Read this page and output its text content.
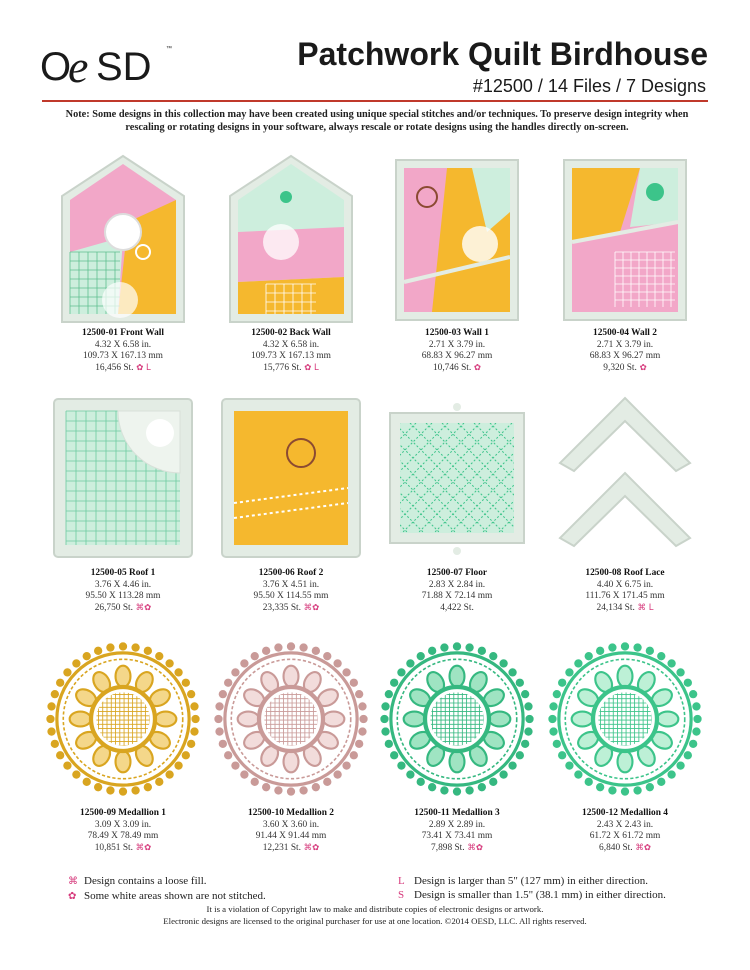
O
e SD ™	Patchwork Quilt Birdhouse
#12500 / 14 Files / 7 Designs
Note: Some designs in this collection may have been created using unique special stitches and/or techniques. To preserve design integrity when rescaling or rotating designs in your software, always rescale or rotate designs using the handles directly on-screen.
12500-01 Front Wall
4.32 X 6.58 in.
109.73 X 167.13 mm
16,456 St. ✿ L
12500-02 Back Wall
4.32 X 6.58 in.
109.73 X 167.13 mm
15,776 St. ✿ L
12500-03 Wall 1
2.71 X 3.79 in.
68.83 X 96.27 mm
10,746 St. ✿
12500-04 Wall 2
2.71 X 3.79 in.
68.83 X 96.27 mm
9,320 St. ✿
12500-05 Roof 1
3.76 X 4.46 in.
95.50 X 113.28 mm
26,750 St. ⌘✿
12500-06 Roof 2
3.76 X 4.51 in.
95.50 X 114.55 mm
23,335 St. ⌘✿
12500-07 Floor
2.83 X 2.84 in.
71.88 X 72.14 mm
4,422 St.
12500-08 Roof Lace
4.40 X 6.75 in.
111.76 X 171.45 mm
24,134 St. ⌘ L
12500-09 Medallion 1
3.09 X 3.09 in.
78.49 X 78.49 mm
10,851 St. ⌘✿
12500-10 Medallion 2
3.60 X 3.60 in.
91.44 X 91.44 mm
12,231 St. ⌘✿
12500-11 Medallion 3
2.89 X 2.89 in.
73.41 X 73.41 mm
7,898 St. ⌘✿
12500-12 Medallion 4
2.43 X 2.43 in.
61.72 X 61.72 mm
6,840 St. ⌘✿
⌘ Design contains a loose fill.
✿ Some white areas shown are not stitched.
L Design is larger than 5" (127 mm) in either direction.
S Design is smaller than 1.5" (38.1 mm) in either direction.
It is a violation of Copyright law to make and distribute copies of electronic designs or artwork.
Electronic designs are licensed to the original purchaser for use at one location. ©2014 OESD, LLC. All rights reserved.
